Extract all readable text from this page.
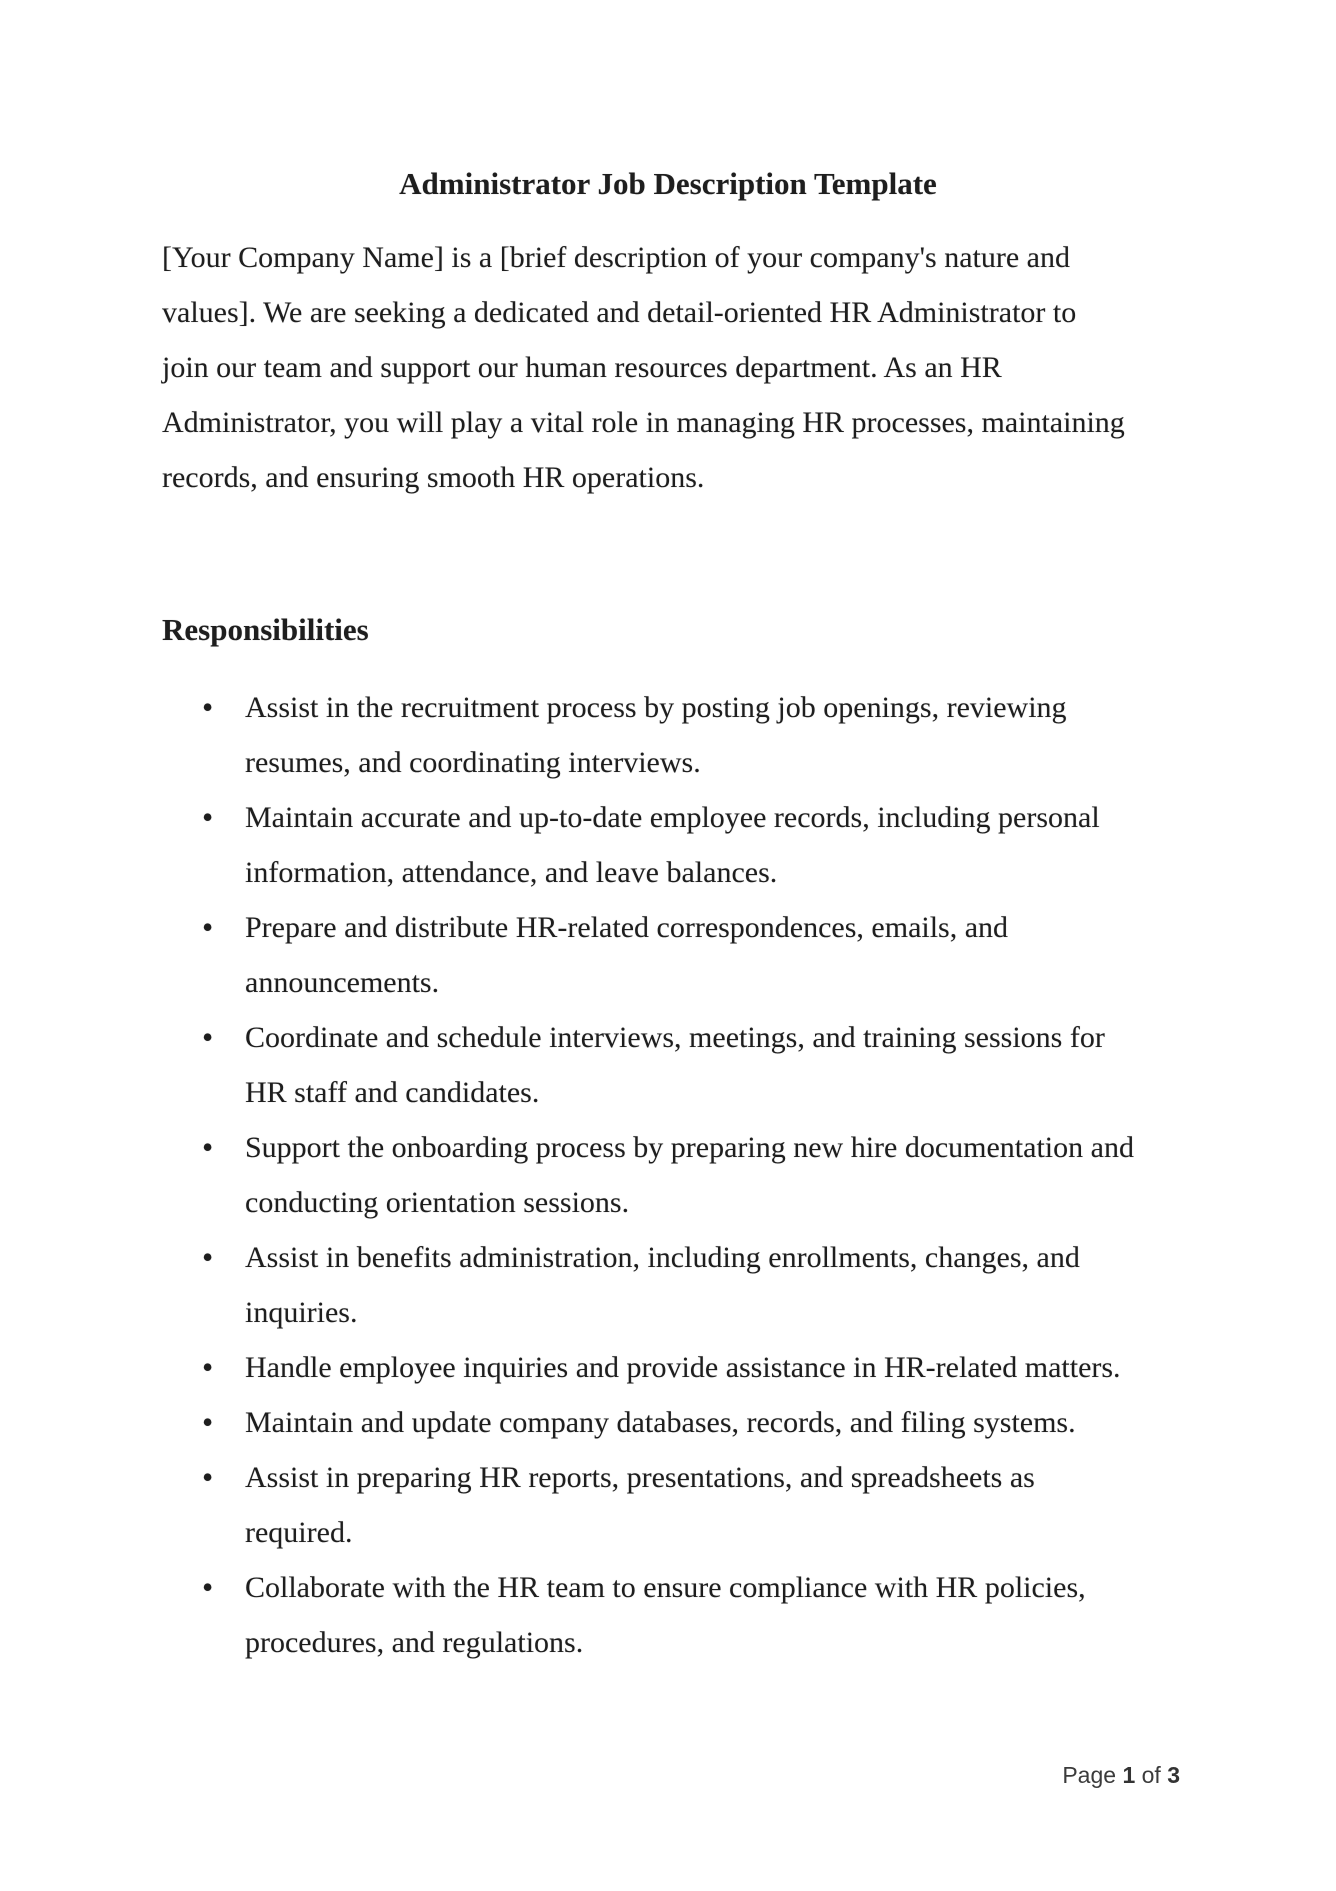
Administrator Job Description Template
[Your Company Name] is a [brief description of your company's nature and
values]. We are seeking a dedicated and detail-oriented HR Administrator to
join our team and support our human resources department. As an HR
Administrator, you will play a vital role in managing HR processes, maintaining
records, and ensuring smooth HR operations.
Responsibilities
• Assist in the recruitment process by posting job openings, reviewing
resumes, and coordinating interviews.
• Maintain accurate and up-to-date employee records, including personal
information, attendance, and leave balances.
• Prepare and distribute HR-related correspondences, emails, and
announcements.
• Coordinate and schedule interviews, meetings, and training sessions for
HR staff and candidates.
• Support the onboarding process by preparing new hire documentation and
conducting orientation sessions.
• Assist in benefits administration, including enrollments, changes, and
inquiries.
• Handle employee inquiries and provide assistance in HR-related matters.
• Maintain and update company databases, records, and filing systems.
• Assist in preparing HR reports, presentations, and spreadsheets as
required.
• Collaborate with the HR team to ensure compliance with HR policies,
procedures, and regulations.
Page 1 of 3
